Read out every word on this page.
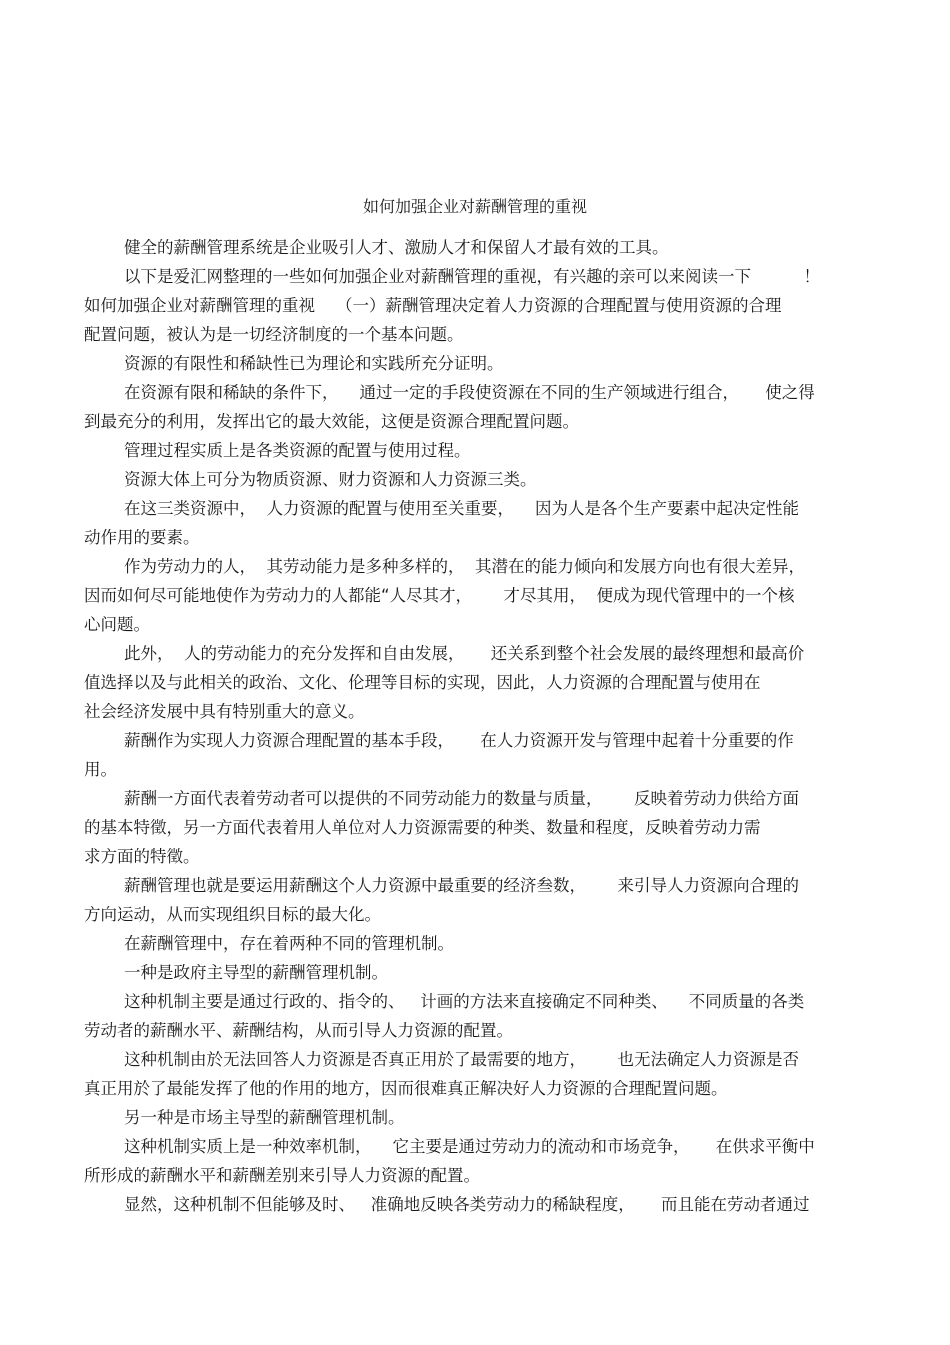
如何加强企业对薪酬管理的重视
健全的薪酬管理系统是企业吸引人才、激励人才和保留人才最有效的工具。
以下是爱汇网整理的一些如何加强企业对薪酬管理的重视，有兴趣的亲可以来阅读一下          ！
如何加强企业对薪酬管理的重视    （一）薪酬管理决定着人力资源的合理配置与使用资源的合理
配置问题，被认为是一切经济制度的一个基本问题。
资源的有限性和稀缺性已为理论和实践所充分证明。
在资源有限和稀缺的条件下，    通过一定的手段使资源在不同的生产领域进行组合，     使之得
到最充分的利用，发挥出它的最大效能，这便是资源合理配置问题。
管理过程实质上是各类资源的配置与使用过程。
资源大体上可分为物质资源、财力资源和人力资源三类。
在这三类资源中，  人力资源的配置与使用至关重要，    因为人是各个生产要素中起决定性能
动作用的要素。
作为劳动力的人，  其劳动能力是多种多样的，  其潜在的能力倾向和发展方向也有很大差异，
因而如何尽可能地使作为劳动力的人都能“人尽其才，      才尽其用，  便成为现代管理中的一个核
心问题。
此外，  人的劳动能力的充分发挥和自由发展，     还关系到整个社会发展的最终理想和最高价
值选择以及与此相关的政治、文化、伦理等目标的实现，因此，人力资源的合理配置与使用在
社会经济发展中具有特别重大的意义。
薪酬作为实现人力资源合理配置的基本手段，     在人力资源开发与管理中起着十分重要的作
用。
薪酬一方面代表着劳动者可以提供的不同劳动能力的数量与质量，      反映着劳动力供给方面
的基本特徵，另一方面代表着用人单位对人力资源需要的种类、数量和程度，反映着劳动力需
求方面的特徵。
薪酬管理也就是要运用薪酬这个人力资源中最重要的经济叁数，      来引导人力资源向合理的
方向运动，从而实现组织目标的最大化。
在薪酬管理中，存在着两种不同的管理机制。
一种是政府主导型的薪酬管理机制。
这种机制主要是通过行政的、指令的、   计画的方法来直接确定不同种类、    不同质量的各类
劳动者的薪酬水平、薪酬结构，从而引导人力资源的配置。
这种机制由於无法回答人力资源是否真正用於了最需要的地方，      也无法确定人力资源是否
真正用於了最能发挥了他的作用的地方，因而很难真正解决好人力资源的合理配置问题。
另一种是市场主导型的薪酬管理机制。
这种机制实质上是一种效率机制，    它主要是通过劳动力的流动和市场竞争，     在供求平衡中
所形成的薪酬水平和薪酬差别来引导人力资源的配置。
显然，这种机制不但能够及时、   准确地反映各类劳动力的稀缺程度，     而且能在劳动者通过
